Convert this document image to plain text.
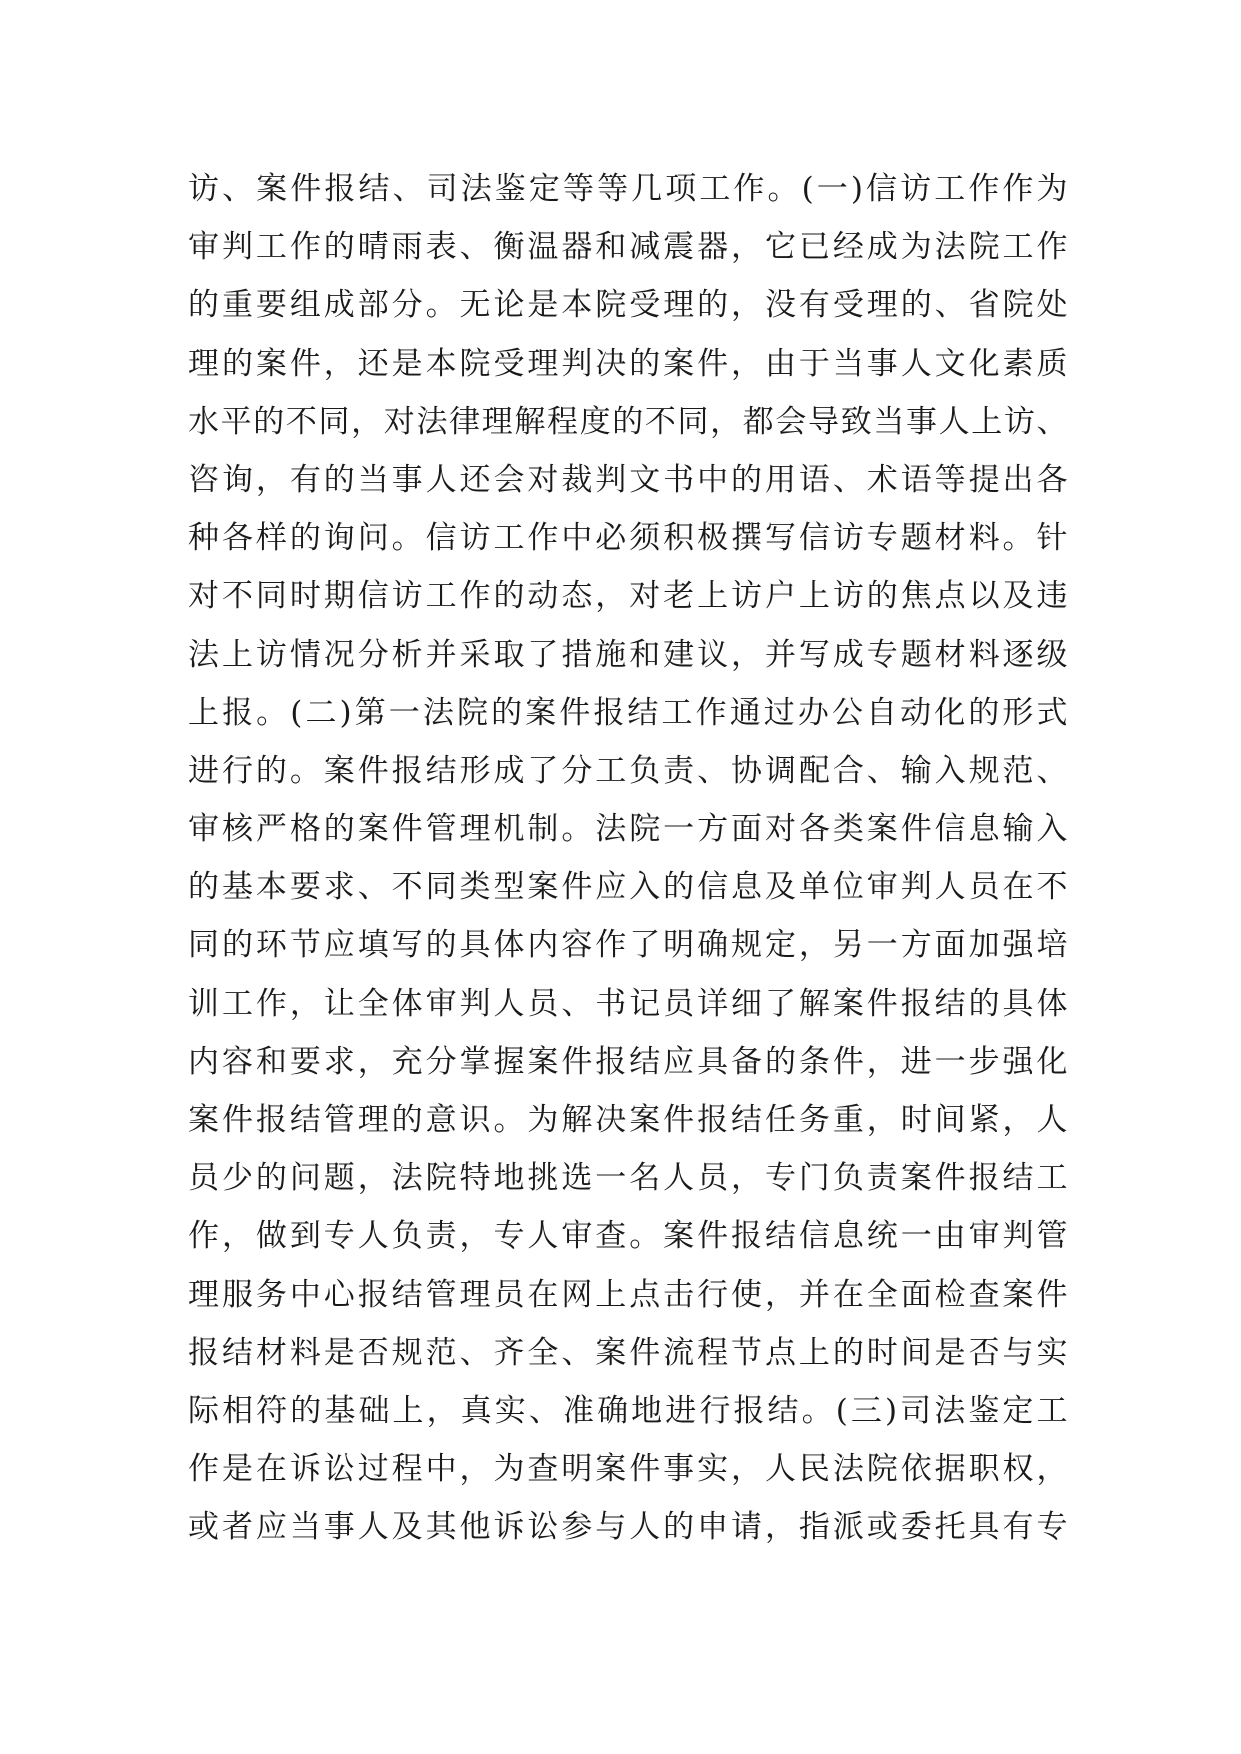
访、案件报结、司法鉴定等等几项工作。(一)信访工作作为
审判工作的晴雨表、衡温器和减震器，它已经成为法院工作
的重要组成部分。无论是本院受理的，没有受理的、省院处
理的案件，还是本院受理判决的案件，由于当事人文化素质
水平的不同，对法律理解程度的不同，都会导致当事人上访、
咨询，有的当事人还会对裁判文书中的用语、术语等提出各
种各样的询问。信访工作中必须积极撰写信访专题材料。针
对不同时期信访工作的动态，对老上访户上访的焦点以及违
法上访情况分析并采取了措施和建议，并写成专题材料逐级
上报。(二)第一法院的案件报结工作通过办公自动化的形式
进行的。案件报结形成了分工负责、协调配合、输入规范、
审核严格的案件管理机制。法院一方面对各类案件信息输入
的基本要求、不同类型案件应入的信息及单位审判人员在不
同的环节应填写的具体内容作了明确规定，另一方面加强培
训工作，让全体审判人员、书记员详细了解案件报结的具体
内容和要求，充分掌握案件报结应具备的条件，进一步强化
案件报结管理的意识。为解决案件报结任务重，时间紧，人
员少的问题，法院特地挑选一名人员，专门负责案件报结工
作，做到专人负责，专人审查。案件报结信息统一由审判管
理服务中心报结管理员在网上点击行使，并在全面检查案件
报结材料是否规范、齐全、案件流程节点上的时间是否与实
际相符的基础上，真实、准确地进行报结。(三)司法鉴定工
作是在诉讼过程中，为查明案件事实，人民法院依据职权，
或者应当事人及其他诉讼参与人的申请，指派或委托具有专
